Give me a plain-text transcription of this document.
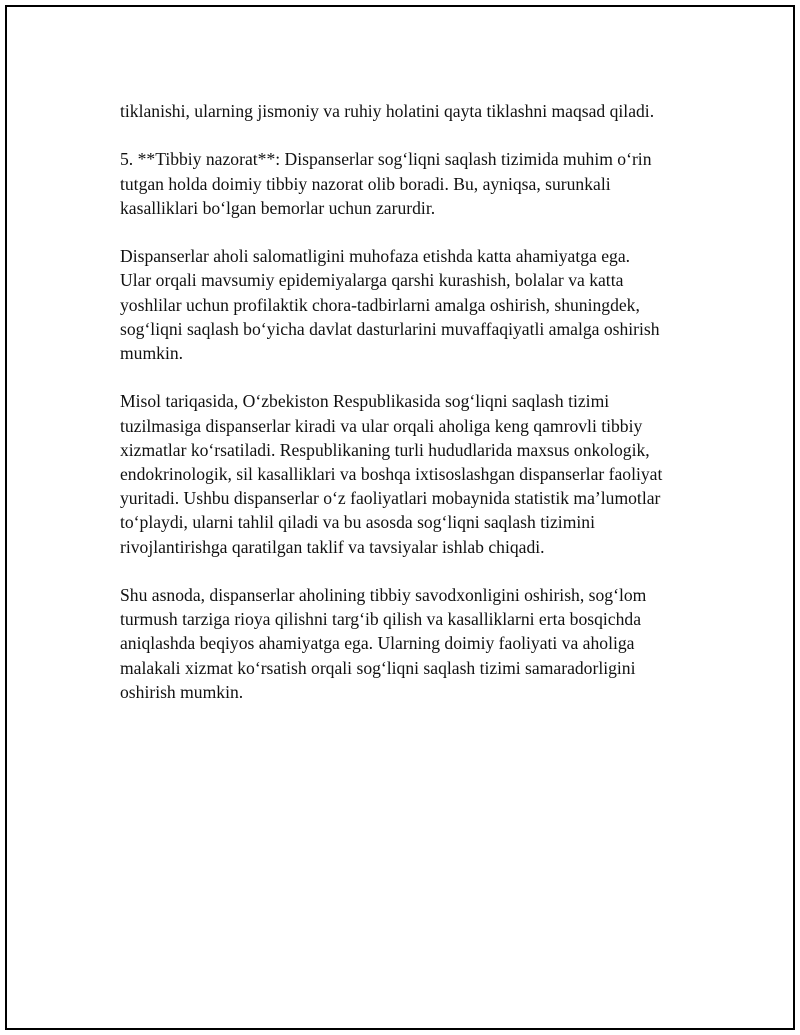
tiklanishi, ularning jismoniy va ruhiy holatini qayta tiklashni maqsad qiladi.

5. **Tibbiy nazorat**: Dispanserlar sog‘liqni saqlash tizimida muhim o‘rin
tutgan holda doimiy tibbiy nazorat olib boradi. Bu, ayniqsa, surunkali
kasalliklari bo‘lgan bemorlar uchun zarurdir.

Dispanserlar aholi salomatligini muhofaza etishda katta ahamiyatga ega.
Ular orqali mavsumiy epidemiyalarga qarshi kurashish, bolalar va katta
yoshlilar uchun profilaktik chora-tadbirlarni amalga oshirish, shuningdek,
sog‘liqni saqlash bo‘yicha davlat dasturlarini muvaffaqiyatli amalga oshirish
mumkin.

Misol tariqasida, O‘zbekiston Respublikasida sog‘liqni saqlash tizimi
tuzilmasiga dispanserlar kiradi va ular orqali aholiga keng qamrovli tibbiy
xizmatlar ko‘rsatiladi. Respublikaning turli hududlarida maxsus onkologik,
endokrinologik, sil kasalliklari va boshqa ixtisoslashgan dispanserlar faoliyat
yuritadi. Ushbu dispanserlar o‘z faoliyatlari mobaynida statistik ma’lumotlar
to‘playdi, ularni tahlil qiladi va bu asosda sog‘liqni saqlash tizimini
rivojlantirishga qaratilgan taklif va tavsiyalar ishlab chiqadi.

Shu asnoda, dispanserlar aholining tibbiy savodxonligini oshirish, sog‘lom
turmush tarziga rioya qilishni targ‘ib qilish va kasalliklarni erta bosqichda
aniqlashda beqiyos ahamiyatga ega. Ularning doimiy faoliyati va aholiga
malakali xizmat ko‘rsatish orqali sog‘liqni saqlash tizimi samaradorligini
oshirish mumkin.
